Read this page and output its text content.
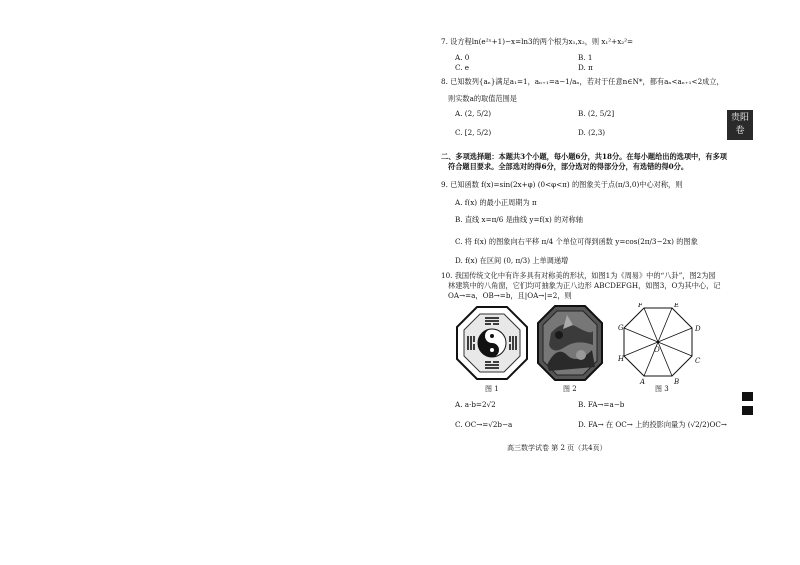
7. 设方程ln(e²ˣ+1)−x=ln3的两个根为x₁,x₂，则 x₁²+x₂²=
A. 0	B. 1
C. e	D. π
8. 已知数列{aₙ}满足a₁=1，aₙ₊₁=a−1/aₙ，若对于任意n∈N*，都有aₙ<aₙ₊₁<2成立，
则实数a的取值范围是
A. (2, 5/2)	B. (2, 5/2]
C. [2, 5/2)	D. (2,3)
二、多项选择题：本题共3个小题，每小题6分，共18分。在每小题给出的选项中，有多项
符合题目要求。全部选对的得6分，部分选对的得部分分，有选错的得0分。
9. 已知函数 f(x)=sin(2x+φ) (0<φ<π) 的图象关于点(π/3,0)中心对称，则
A. f(x) 的最小正周期为 π
B. 直线 x=π/6 是曲线 y=f(x) 的对称轴
C. 将 f(x) 的图象向右平移 π/4 个单位可得到函数 y=cos(2π/3−2x) 的图象
D. f(x) 在区间 (0, π/3) 上单调递增
10. 我国传统文化中有许多具有对称美的形状，如图1为《周易》中的“八卦”，图2为园
林建筑中的八角窗，它们均可抽象为正八边形 ABCDEFGH，如图3，O为其中心，记
OA→=a，OB→=b，且|OA→|=2，则
图 1	图 2
A	B
C
D
E
F
G
H
O
图 3
A. a·b=2√2	B. FA→=a−b
C. OC→=√2b−a	D. FA→ 在 OC→ 上的投影向量为 (√2/2)OC→
高三数学试卷 第 2 页（共4页）
贵阳卷
